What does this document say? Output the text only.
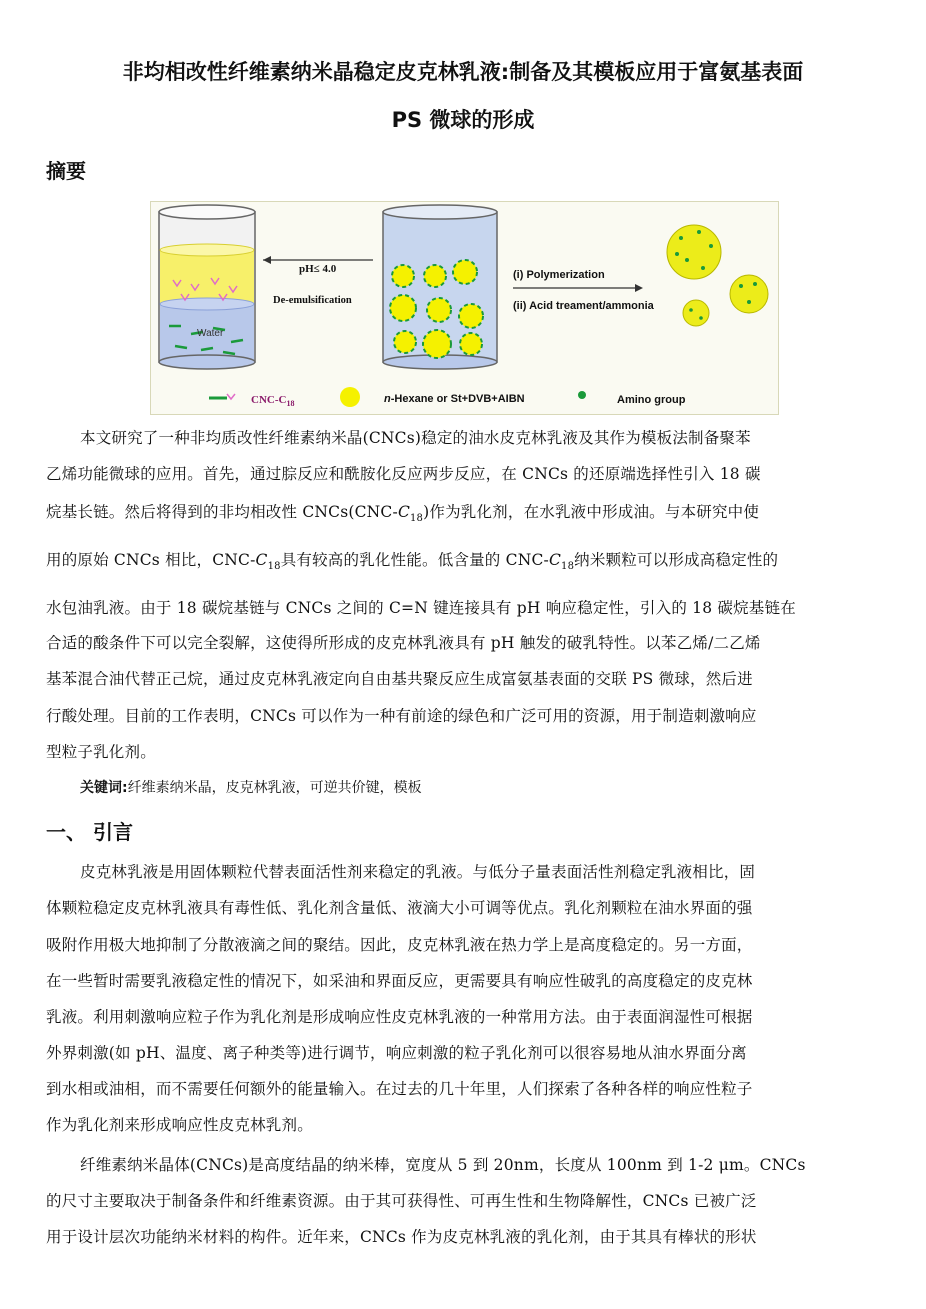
非均相改性纤维素纳米晶稳定皮克林乳液:制备及其模板应用于富氨基表面
PS 微球的形成
摘要
Water
pH≤ 4.0
De-emulsification
(i) Polymerization
(ii) Acid treament/ammonia
CNC-$C_{18}$	n-Hexane or St+DVB+AIBN	Amino group
本文研究了一种非均质改性纤维素纳米晶(CNCs)稳定的油水皮克林乳液及其作为模板法制备聚苯
乙烯功能微球的应用。首先，通过腙反应和酰胺化反应两步反应，在 CNCs 的还原端选择性引入 18 碳
烷基长链。然后将得到的非均相改性 $CNCs(CNC-C_{18})$作为乳化剂，在水乳液中形成油。与本研究中使
用的原始 CNCs 相比，CNC-$C_{18}$具有较高的乳化性能。低含量的 CNC-$C_{18}$纳米颗粒可以形成高稳定性的
水包油乳液。由于 18 碳烷基链与 CNCs 之间的 C=N 键连接具有 pH 响应稳定性，引入的 18 碳烷基链在
合适的酸条件下可以完全裂解，这使得所形成的皮克林乳液具有 pH 触发的破乳特性。以苯乙烯/二乙烯
基苯混合油代替正己烷，通过皮克林乳液定向自由基共聚反应生成富氨基表面的交联 PS 微球，然后进
行酸处理。目前的工作表明，CNCs 可以作为一种有前途的绿色和广泛可用的资源，用于制造刺激响应
型粒子乳化剂。
关键词:纤维素纳米晶，皮克林乳液，可逆共价键，模板
一、 引言
皮克林乳液是用固体颗粒代替表面活性剂来稳定的乳液。与低分子量表面活性剂稳定乳液相比，固
体颗粒稳定皮克林乳液具有毒性低、乳化剂含量低、液滴大小可调等优点。乳化剂颗粒在油水界面的强
吸附作用极大地抑制了分散液滴之间的聚结。因此，皮克林乳液在热力学上是高度稳定的。另一方面，
在一些暂时需要乳液稳定性的情况下，如采油和界面反应，更需要具有响应性破乳的高度稳定的皮克林
乳液。利用刺激响应粒子作为乳化剂是形成响应性皮克林乳液的一种常用方法。由于表面润湿性可根据
外界刺激(如 pH、温度、离子种类等)进行调节，响应刺激的粒子乳化剂可以很容易地从油水界面分离
到水相或油相，而不需要任何额外的能量输入。在过去的几十年里，人们探索了各种各样的响应性粒子
作为乳化剂来形成响应性皮克林乳剂。
纤维素纳米晶体(CNCs)是高度结晶的纳米棒，宽度从 5 到 20nm，长度从 100nm 到 1-2 μm。CNCs
的尺寸主要取决于制备条件和纤维素资源。由于其可获得性、可再生性和生物降解性，CNCs 已被广泛
用于设计层次功能纳米材料的构件。近年来，CNCs 作为皮克林乳液的乳化剂，由于其具有棒状的形状
